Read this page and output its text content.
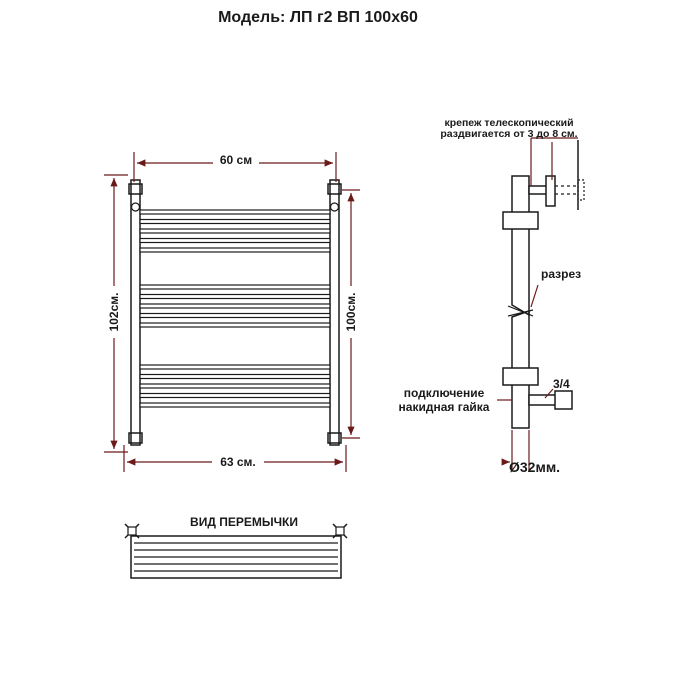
Модель: ЛП г2 ВП 100х60
60 см
63 см.
102см.	100см.
крепеж телескопический
раздвигается от 3 до 8 см.
разрез
подключение
накидная гайка
3/4
Ø32мм.
ВИД ПЕРЕМЫЧКИ
